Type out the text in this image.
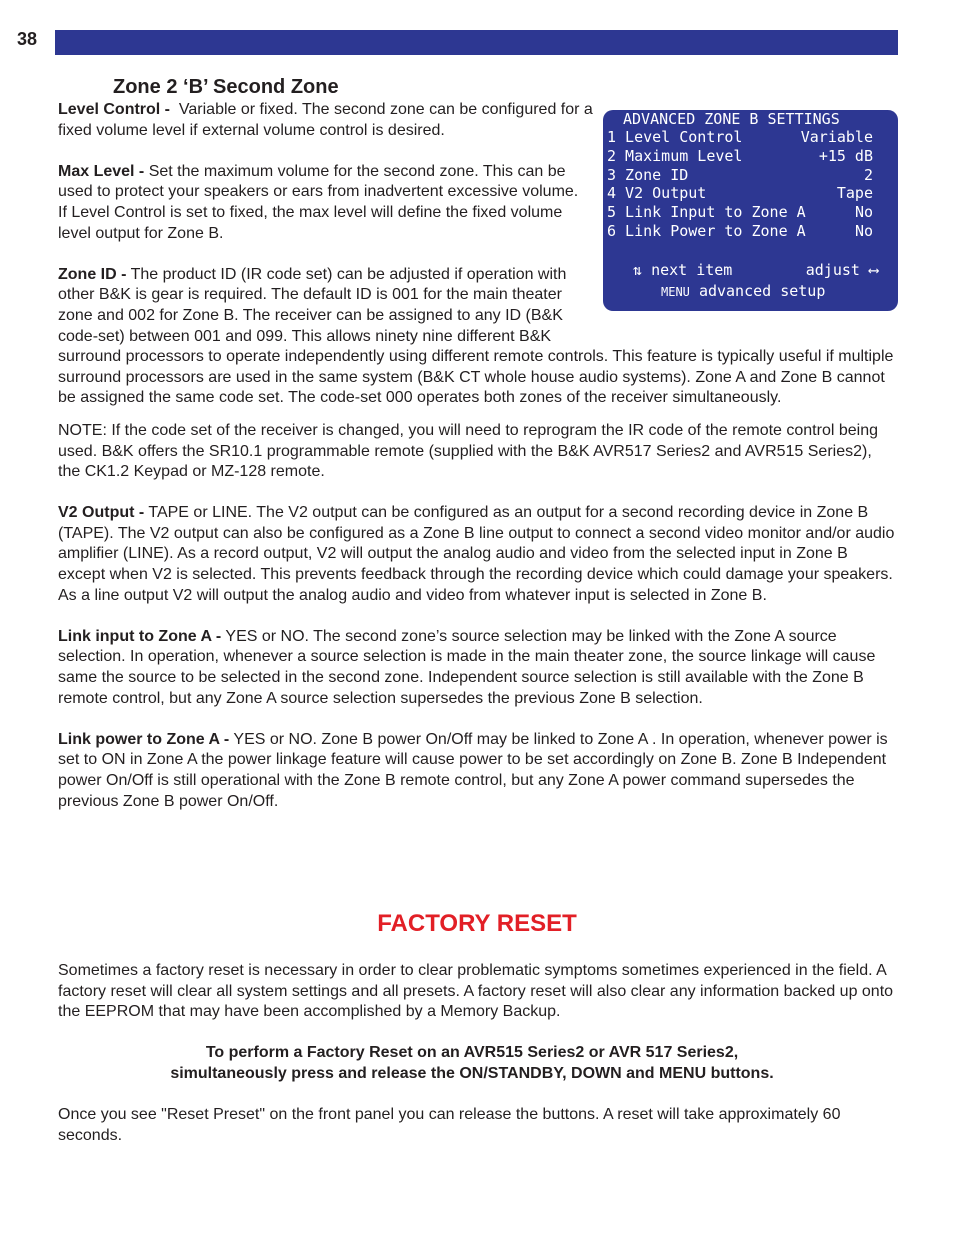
38
Zone 2 ‘B’ Second Zone
ADVANCED ZONE B SETTINGS
1 Level Control	Variable
2 Maximum Level	+15 dB
3 Zone ID	2
4 V2 Output	Tape
5 Link Input to Zone A	No
6 Link Power to Zone A	No
⇅ next item	adjust ⟷
MENU advanced setup

Level Control - Variable or fixed. The second zone can be configured for a fixed volume level if external volume control is desired.

Max Level - Set the maximum volume for the second zone. This can be used to protect your speakers or ears from inadvertent excessive volume. If Level Control is set to fixed, the max level will define the fixed volume level output for Zone B.

Zone ID - The product ID (IR code set) can be adjusted if operation with other B&K is gear is required. The default ID is 001 for the main theater zone and 002 for Zone B. The receiver can be assigned to any ID (B&K code-set) between 001 and 099. This allows ninety nine different B&K surround processors to operate independently using different remote controls. This feature is typically useful if multiple surround processors are used in the same system (B&K CT whole house audio systems). Zone A and Zone B cannot be assigned the same code set. The code-set 000 operates both zones of the receiver simultaneously.

NOTE: If the code set of the receiver is changed, you will need to reprogram the IR code of the remote control being used. B&K offers the SR10.1 programmable remote (supplied with the B&K AVR517 Series2 and AVR515 Series2), the CK1.2 Keypad or MZ-128 remote.

V2 Output - TAPE or LINE. The V2 output can be configured as an output for a second recording device in Zone B (TAPE). The V2 output can also be configured as a Zone B line output to connect a second video monitor and/or audio amplifier (LINE). As a record output, V2 will output the analog audio and video from the selected input in Zone B except when V2 is selected. This prevents feedback through the recording device which could damage your speakers. As a line output V2 will output the analog audio and video from whatever input is selected in Zone B.

Link input to Zone A - YES or NO. The second zone’s source selection may be linked with the Zone A source selection. In operation, whenever a source selection is made in the main theater zone, the source linkage will cause same the source to be selected in the second zone. Independent source selection is still available with the Zone B remote control, but any Zone A source selection supersedes the previous Zone B selection.

Link power to Zone A - YES or NO. Zone B power On/Off may be linked to Zone A . In operation, whenever power is set to ON in Zone A the power linkage feature will cause power to be set accordingly on Zone B. Zone B Independent power On/Off is still operational with the Zone B remote control, but any Zone A power command supersedes the previous Zone B power On/Off.

FACTORY RESET

Sometimes a factory reset is necessary in order to clear problematic symptoms sometimes experienced in the field. A factory reset will clear all system settings and all presets. A factory reset will also clear any information backed up onto the EEPROM that may have been accomplished by a Memory Backup.

To perform a Factory Reset on an AVR515 Series2 or AVR 517 Series2,
simultaneously press and release the ON/STANDBY, DOWN and MENU buttons.

Once you see "Reset Preset" on the front panel you can release the buttons. A reset will take approximately 60 seconds.
